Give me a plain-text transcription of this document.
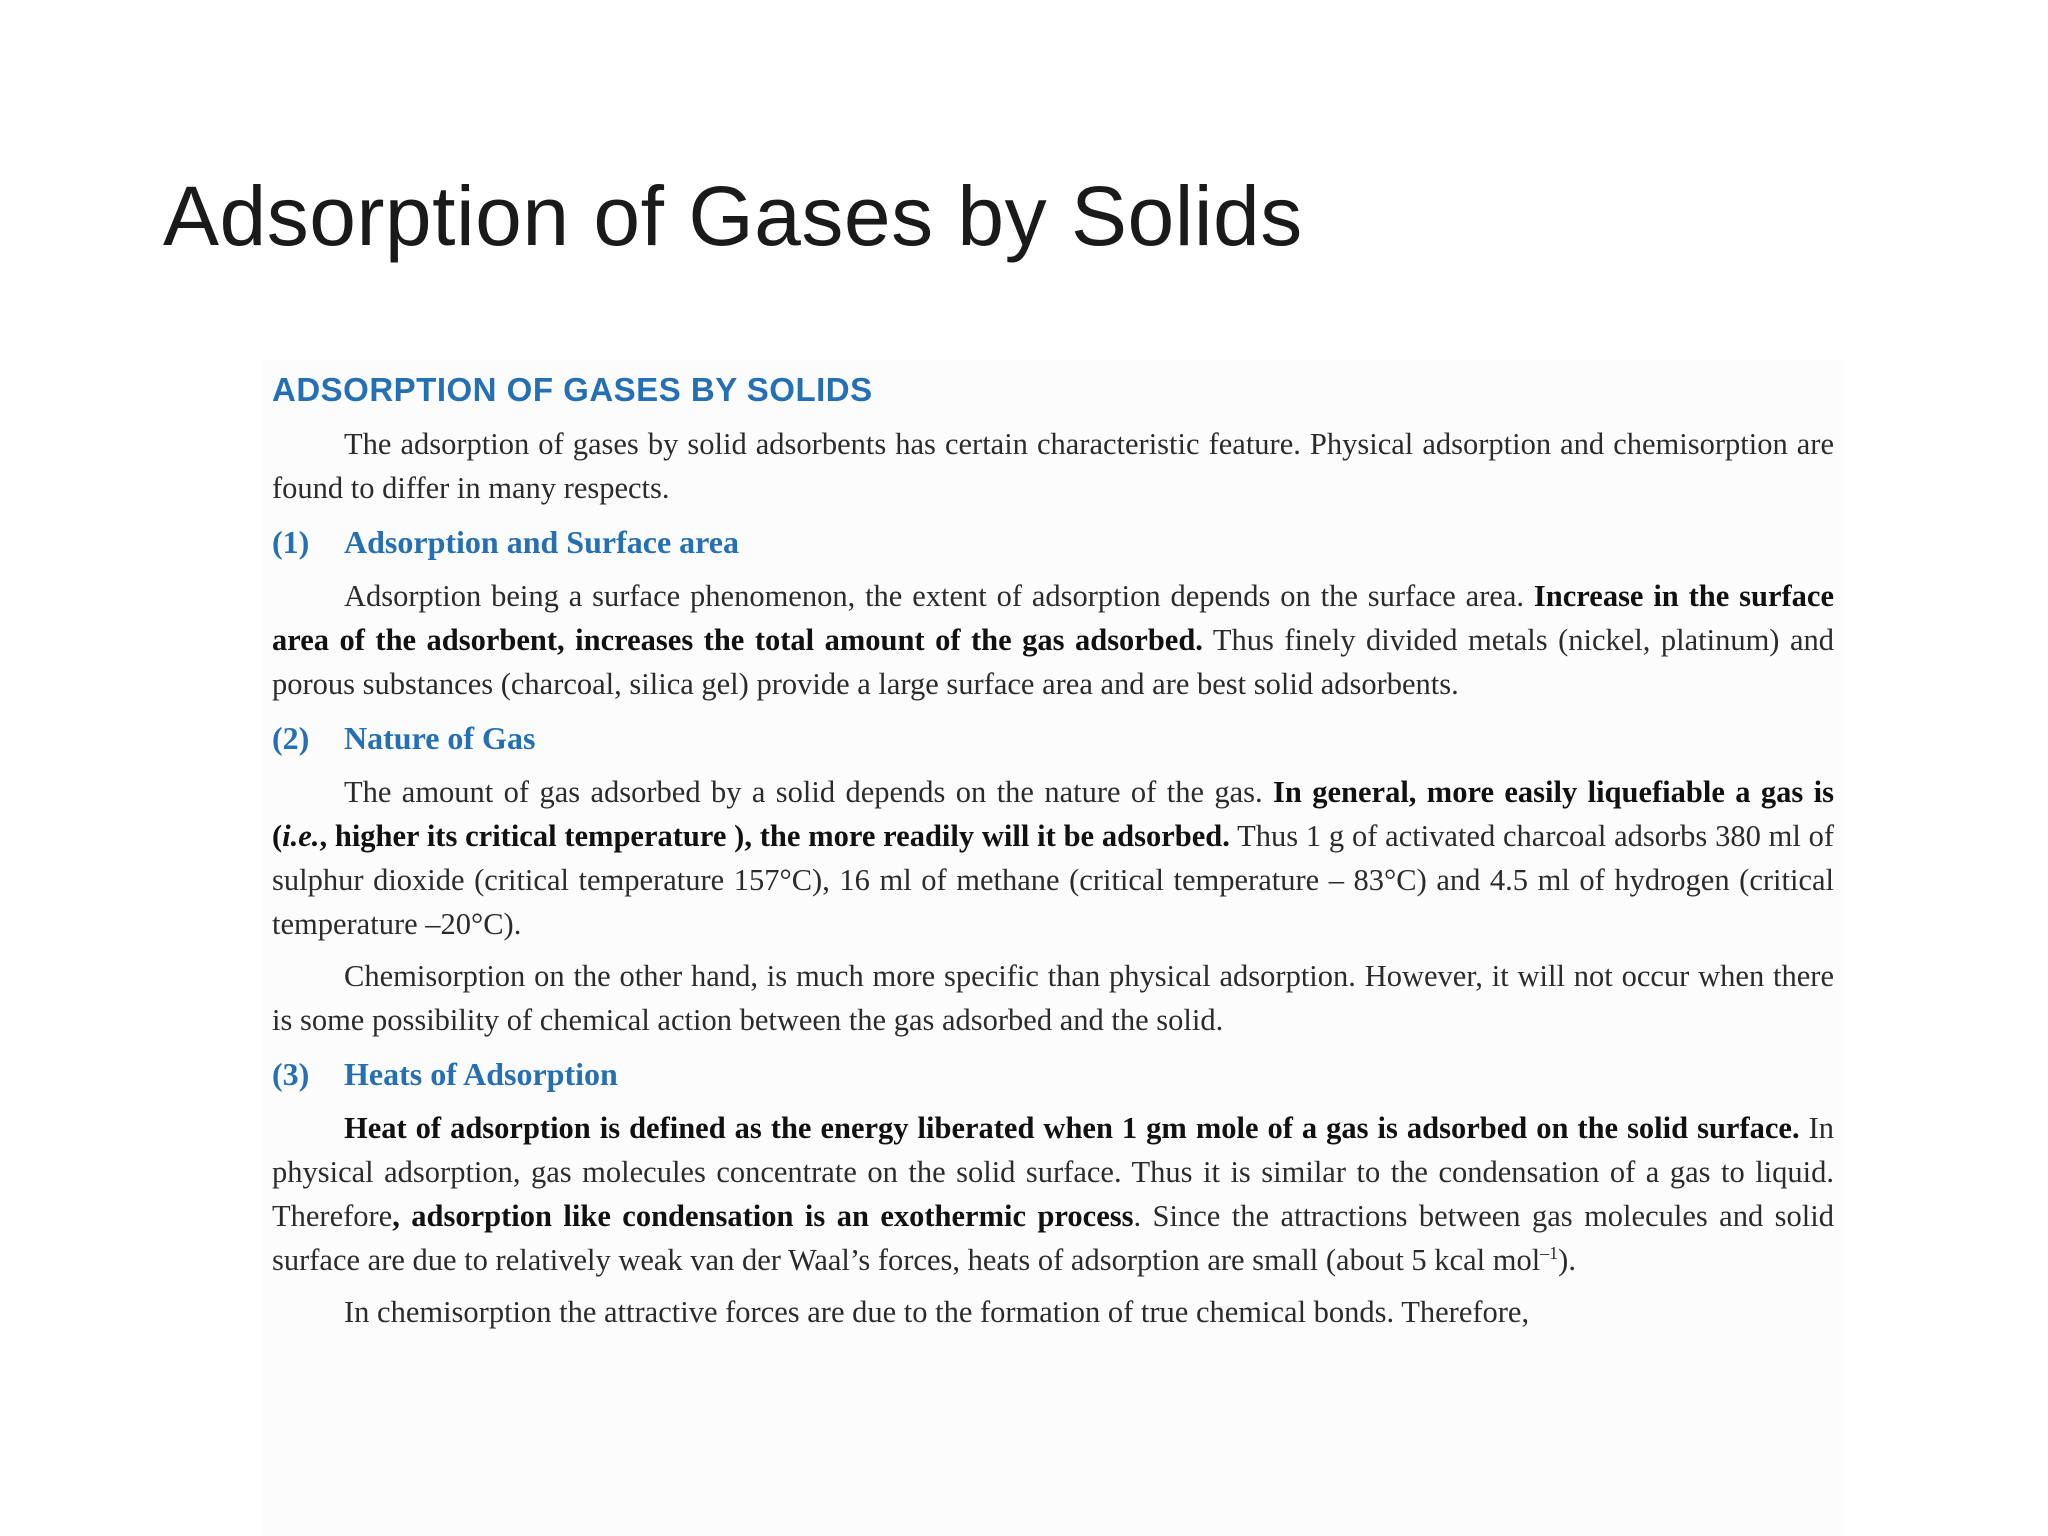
Adsorption of Gases by Solids
ADSORPTION OF GASES BY SOLIDS

The adsorption of gases by solid adsorbents has certain characteristic feature. Physical adsorption and chemisorption are found to differ in many respects.

(1) Adsorption and Surface area

Adsorption being a surface phenomenon, the extent of adsorption depends on the surface area. Increase in the surface area of the adsorbent, increases the total amount of the gas adsorbed. Thus finely divided metals (nickel, platinum) and porous substances (charcoal, silica gel) provide a large surface area and are best solid adsorbents.

(2) Nature of Gas

The amount of gas adsorbed by a solid depends on the nature of the gas. In general, more easily liquefiable a gas is (i.e., higher its critical temperature ), the more readily will it be adsorbed. Thus 1 g of activated charcoal adsorbs 380 ml of sulphur dioxide (critical temperature 157°C), 16 ml of methane (critical temperature – 83°C) and 4.5 ml of hydrogen (critical temperature –20°C).

Chemisorption on the other hand, is much more specific than physical adsorption. However, it will not occur when there is some possibility of chemical action between the gas adsorbed and the solid.

(3) Heats of Adsorption

Heat of adsorption is defined as the energy liberated when 1 gm mole of a gas is adsorbed on the solid surface. In physical adsorption, gas molecules concentrate on the solid surface. Thus it is similar to the condensation of a gas to liquid. Therefore, adsorption like condensation is an exothermic process. Since the attractions between gas molecules and solid surface are due to relatively weak van der Waal’s forces, heats of adsorption are small (about 5 kcal mol$^{-1}$).

In chemisorption the attractive forces are due to the formation of true chemical bonds. Therefore,
